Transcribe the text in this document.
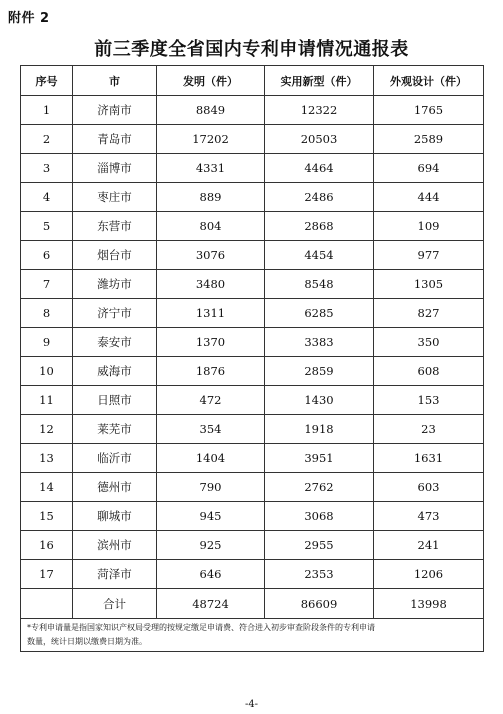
附件 2
前三季度全省国内专利申请情况通报表
序号	市	发明（件）	实用新型（件）	外观设计（件）
1	济南市	8849	12322	1765
2	青岛市	17202	20503	2589
3	淄博市	4331	4464	694
4	枣庄市	889	2486	444
5	东营市	804	2868	109
6	烟台市	3076	4454	977
7	潍坊市	3480	8548	1305
8	济宁市	1311	6285	827
9	泰安市	1370	3383	350
10	威海市	1876	2859	608
11	日照市	472	1430	153
12	莱芜市	354	1918	23
13	临沂市	1404	3951	1631
14	德州市	790	2762	603
15	聊城市	945	3068	473
16	滨州市	925	2955	241
17	菏泽市	646	2353	1206
	合计	48724	86609	13998

*专利申请量是指国家知识产权局受理的按规定缴足申请费、符合进入初步审查阶段条件的专利申请
数量，统计日期以缴费日期为准。				
-4-
